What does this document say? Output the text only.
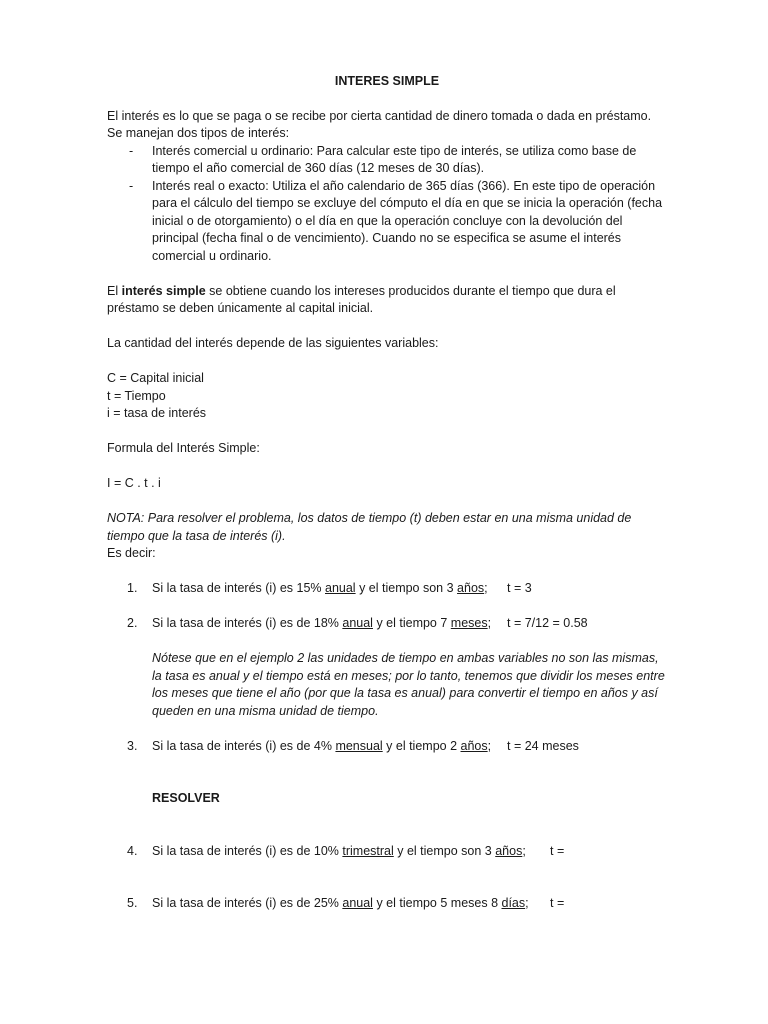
INTERES SIMPLE

El interés es lo que se paga o se recibe por cierta cantidad de dinero tomada o dada en préstamo.

Se manejan dos tipos de interés:

- Interés comercial u ordinario: Para calcular este tipo de interés, se utiliza como base de tiempo el año comercial de 360 días (12 meses de 30 días).
- Interés real o exacto: Utiliza el año calendario de 365 días (366). En este tipo de operación para el cálculo del tiempo se excluye del cómputo el día en que se inicia la operación (fecha inicial o de otorgamiento) o el día en que la operación concluye con la devolución del principal (fecha final o de vencimiento). Cuando no se especifica se asume el interés comercial u ordinario.

El interés simple se obtiene cuando los intereses producidos durante el tiempo que dura el préstamo se deben únicamente al capital inicial.

La cantidad del interés depende de las siguientes variables:

C = Capital inicial

t = Tiempo

i = tasa de interés

Formula del Interés Simple:

I = C . t . i

NOTA: Para resolver el problema, los datos de tiempo (t) deben estar en una misma unidad de tiempo que la tasa de interés (i).

Es decir:

1. Si la tasa de interés (i) es 15% anual y el tiempo son 3 años; t = 3
2. Si la tasa de interés (i) es de 18% anual y el tiempo 7 meses; t = 7/12 = 0.58

Nótese que en el ejemplo 2 las unidades de tiempo en ambas variables no son las mismas, la tasa es anual y el tiempo está en meses; por lo tanto, tenemos que dividir los meses entre los meses que tiene el año (por que la tasa es anual) para convertir el tiempo en años y así queden en una misma unidad de tiempo.

3. Si la tasa de interés (i) es de 4% mensual y el tiempo 2 años; t = 24 meses

RESOLVER

4. Si la tasa de interés (i) es de 10% trimestral y el tiempo son 3 años; t =
5. Si la tasa de interés (i) es de 25% anual y el tiempo 5 meses 8 días; t =
